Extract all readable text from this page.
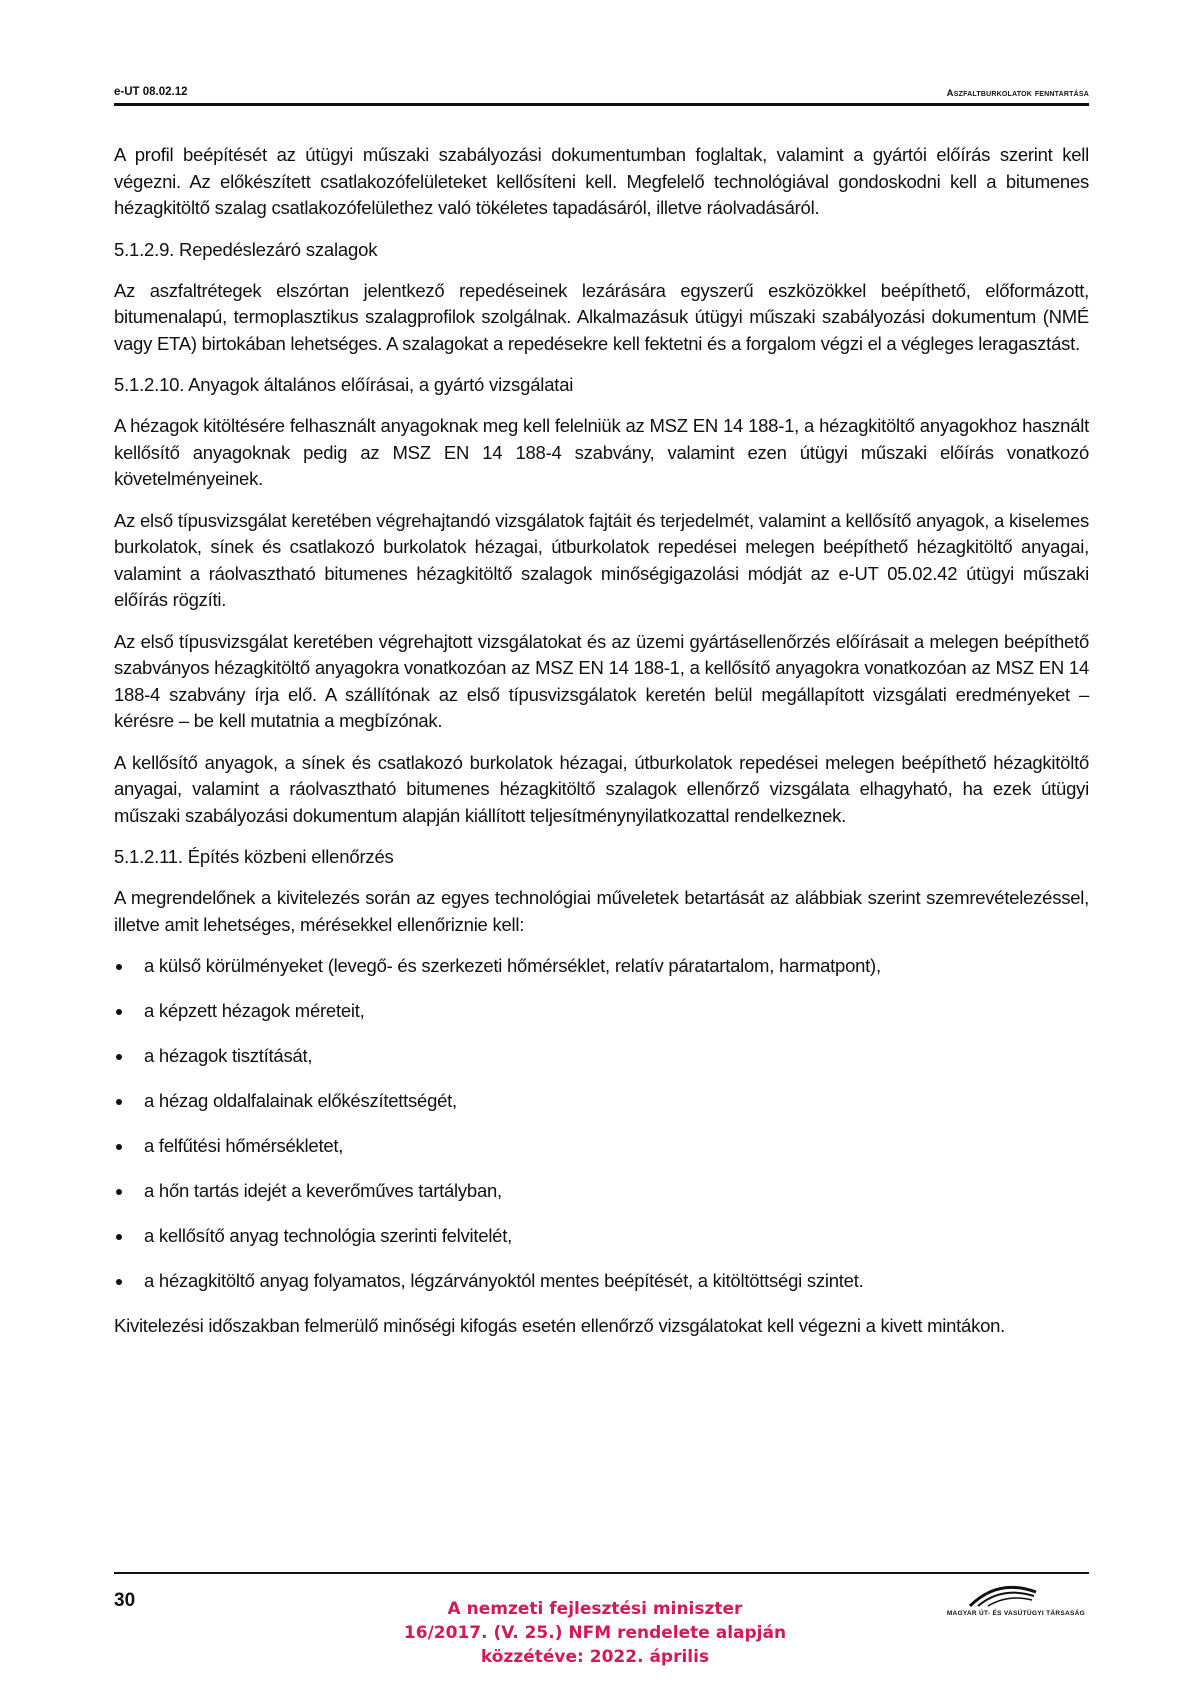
e-UT 08.02.12	Aszfaltburkolatok fenntartása

A profil beépítését az útügyi műszaki szabályozási dokumentumban foglaltak, valamint a gyártói előírás szerint kell végezni. Az előkészített csatlakozófelületeket kellősíteni kell. Megfelelő technológiával gondoskodni kell a bitumenes hézagkitöltő szalag csatlakozófelülethez való tökéletes tapadásáról, illetve ráolvadásáról.

5.1.2.9. Repedéslezáró szalagok

Az aszfaltrétegek elszórtan jelentkező repedéseinek lezárására egyszerű eszközökkel beépíthető, előformázott, bitumenalapú, termoplasztikus szalagprofilok szolgálnak. Alkalmazásuk útügyi műszaki szabályozási dokumentum (NMÉ vagy ETA) birtokában lehetséges. A szalagokat a repedésekre kell fektetni és a forgalom végzi el a végleges leragasztást.

5.1.2.10. Anyagok általános előírásai, a gyártó vizsgálatai

A hézagok kitöltésére felhasznált anyagoknak meg kell felelniük az MSZ EN 14 188-1, a hézagkitöltő anyagokhoz használt kellősítő anyagoknak pedig az MSZ EN 14 188-4 szabvány, valamint ezen útügyi műszaki előírás vonatkozó követelményeinek.

Az első típusvizsgálat keretében végrehajtandó vizsgálatok fajtáit és terjedelmét, valamint a kellősítő anyagok, a kiselemes burkolatok, sínek és csatlakozó burkolatok hézagai, útburkolatok repedései melegen beépíthető hézagkitöltő anyagai, valamint a ráolvasztható bitumenes hézagkitöltő szalagok minőségigazolási módját az e-UT 05.02.42 útügyi műszaki előírás rögzíti.

Az első típusvizsgálat keretében végrehajtott vizsgálatokat és az üzemi gyártásellenőrzés előírásait a melegen beépíthető szabványos hézagkitöltő anyagokra vonatkozóan az MSZ EN 14 188-1, a kellősítő anyagokra vonatkozóan az MSZ EN 14 188-4 szabvány írja elő. A szállítónak az első típusvizsgálatok keretén belül megállapított vizsgálati eredményeket – kérésre – be kell mutatnia a megbízónak.

A kellősítő anyagok, a sínek és csatlakozó burkolatok hézagai, útburkolatok repedései melegen beépíthető hézagkitöltő anyagai, valamint a ráolvasztható bitumenes hézagkitöltő szalagok ellenőrző vizsgálata elhagyható, ha ezek útügyi műszaki szabályozási dokumentum alapján kiállított teljesítménynyilatkozattal rendelkeznek.

5.1.2.11. Építés közbeni ellenőrzés

A megrendelőnek a kivitelezés során az egyes technológiai műveletek betartását az alábbiak szerint szemrevételezéssel, illetve amit lehetséges, mérésekkel ellenőriznie kell:

a külső körülményeket (levegő- és szerkezeti hőmérséklet, relatív páratartalom, harmatpont),
a képzett hézagok méreteit,
a hézagok tisztítását,
a hézag oldalfalainak előkészítettségét,
a felfűtési hőmérsékletet,
a hőn tartás idejét a keverőműves tartályban,
a kellősítő anyag technológia szerinti felvitelét,
a hézagkitöltő anyag folyamatos, légzárványoktól mentes beépítését, a kitöltöttségi szintet.

Kivitelezési időszakban felmerülő minőségi kifogás esetén ellenőrző vizsgálatokat kell végezni a kivett mintákon.

30	A nemzeti fejlesztési miniszter
16/2017. (V. 25.) NFM rendelete alapján
közzétéve: 2022. április
MAGYAR ÚT- ÉS VASÚTÜGYI TÁRSASÁG
